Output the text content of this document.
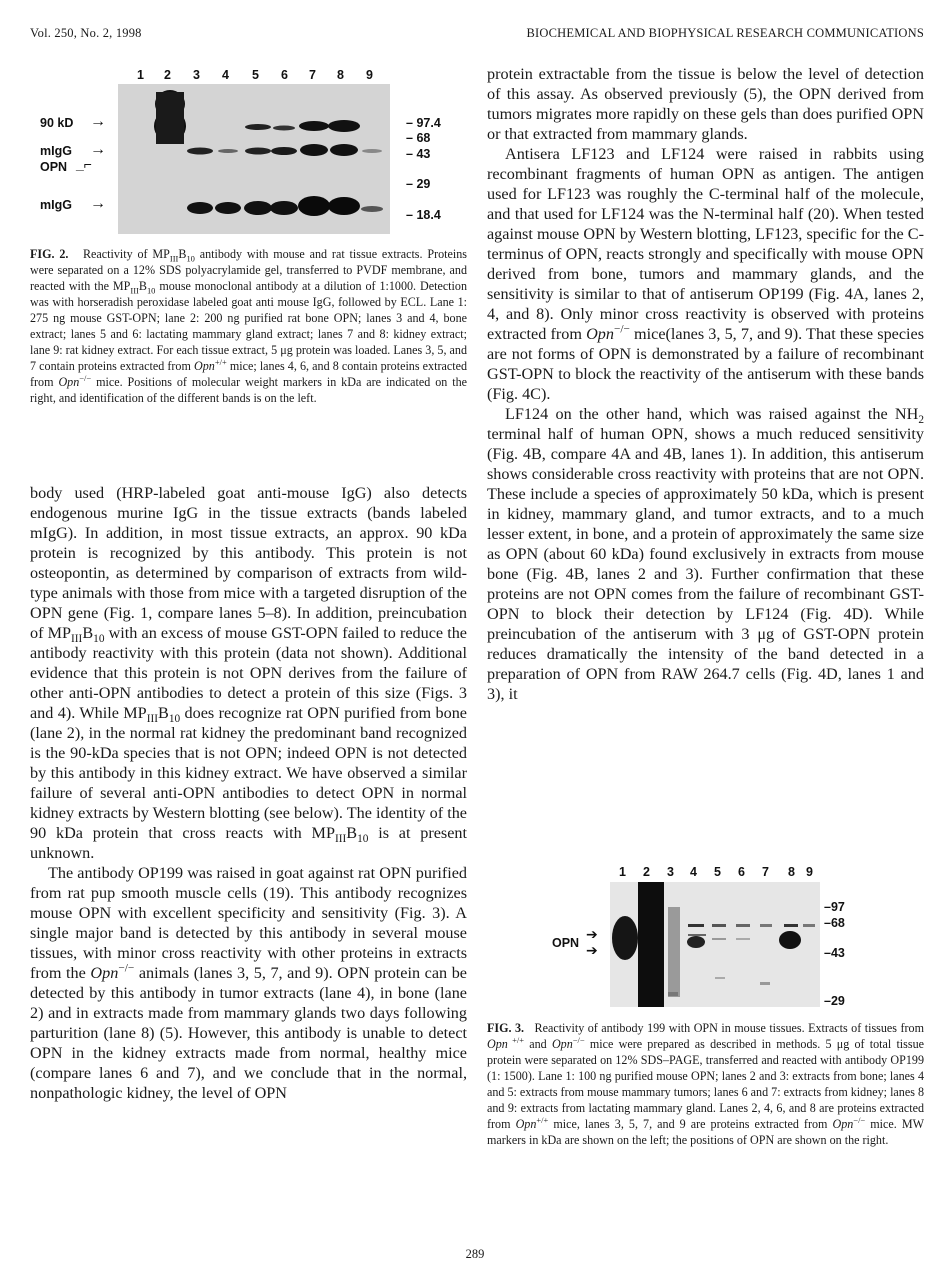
Vol. 250, No. 2, 1998	BIOCHEMICAL AND BIOPHYSICAL RESEARCH COMMUNICATIONS
1 2 3 4 5 6 7 8 9
90 kD →
mIgG →
OPN _⌐
mIgG →
– 97.4
– 68
– 43
– 29
– 18.4
FIG. 2. Reactivity of $MP_{III}B_{10}$ antibody with mouse and rat tissue extracts. Proteins were separated on a 12% SDS polyacrylamide gel, transferred to PVDF membrane, and reacted with the $MP_{III}B_{10}$ mouse monoclonal antibody at a dilution of 1:1000. Detection was with horseradish peroxidase labeled goat anti mouse IgG, followed by ECL. Lane 1: 275 ng mouse GST-OPN; lane 2: 200 ng purified rat bone OPN; lanes 3 and 4, bone extract; lanes 5 and 6: lactating mammary gland extract; lanes 7 and 8: kidney extract; lane 9: rat kidney extract. For each tissue extract, 5 μg protein was loaded. Lanes 3, 5, and 7 contain proteins extracted from Opn+/+ mice; lanes 4, 6, and 8 contain proteins extracted from Opn−/− mice. Positions of molecular weight markers in kDa are indicated on the right, and identification of the different bands is on the left.

body used (HRP-labeled goat anti-mouse IgG) also detects endogenous murine IgG in the tissue extracts (bands labeled mIgG). In addition, in most tissue extracts, an approx. 90 kDa protein is recognized by this antibody. This protein is not osteopontin, as determined by comparison of extracts from wild-type animals with those from mice with a targeted disruption of the OPN gene (Fig. 1, compare lanes 5–8). In addition, preincubation of $MP_{III}B_{10}$ with an excess of mouse GST-OPN failed to reduce the antibody reactivity with this protein (data not shown). Additional evidence that this protein is not OPN derives from the failure of other anti-OPN antibodies to detect a protein of this size (Figs. 3 and 4). While $MP_{III}B_{10}$ does recognize rat OPN purified from bone (lane 2), in the normal rat kidney the predominant band recognized is the 90-kDa species that is not OPN; indeed OPN is not detected by this antibody in this kidney extract. We have observed a similar failure of several anti-OPN antibodies to detect OPN in normal kidney extracts by Western blotting (see below). The identity of the 90 kDa protein that cross reacts with $MP_{III}B_{10}$ is at present unknown.

The antibody OP199 was raised in goat against rat OPN purified from rat pup smooth muscle cells (19). This antibody recognizes mouse OPN with excellent specificity and sensitivity (Fig. 3). A single major band is detected by this antibody in several mouse tissues, with minor cross reactivity with other proteins in extracts from the Opn−/− animals (lanes 3, 5, 7, and 9). OPN protein can be detected by this antibody in tumor extracts (lane 4), in bone (lane 2) and in extracts made from mammary glands two days following parturition (lane 8) (5). However, this antibody is unable to detect OPN in the kidney extracts made from normal, healthy mice (compare lanes 6 and 7), and we conclude that in the normal, nonpathologic kidney, the level of OPN

protein extractable from the tissue is below the level of detection of this assay. As observed previously (5), the OPN derived from tumors migrates more rapidly on these gels than does purified OPN or that extracted from mammary glands.

Antisera LF123 and LF124 were raised in rabbits using recombinant fragments of human OPN as antigen. The antigen used for LF123 was roughly the C-terminal half of the molecule, and that used for LF124 was the N-terminal half (20). When tested against mouse OPN by Western blotting, LF123, specific for the C-terminus of OPN, reacts strongly and specifically with mouse OPN derived from bone, tumors and mammary glands, and the sensitivity is similar to that of antiserum OP199 (Fig. 4A, lanes 2, 4, and 8). Only minor cross reactivity is observed with proteins extracted from Opn−/− mice(lanes 3, 5, 7, and 9). That these species are not forms of OPN is demonstrated by a failure of recombinant GST-OPN to block the reactivity of the antiserum with these bands (Fig. 4C).

LF124 on the other hand, which was raised against the $NH_2$ terminal half of human OPN, shows a much reduced sensitivity (Fig. 4B, compare 4A and 4B, lanes 1). In addition, this antiserum shows considerable cross reactivity with proteins that are not OPN. These include a species of approximately 50 kDa, which is present in kidney, mammary gland, and tumor extracts, and to a much lesser extent, in bone, and a protein of approximately the same size as OPN (about 60 kDa) found exclusively in extracts from mouse bone (Fig. 4B, lanes 2 and 3). Further confirmation that these proteins are not OPN comes from the failure of recombinant GST-OPN to block their detection by LF124 (Fig. 4D). While preincubation of the antiserum with 3 μg of GST-OPN protein reduces dramatically the intensity of the band detected in a preparation of OPN from RAW 264.7 cells (Fig. 4D, lanes 1 and 3), it

1 2 3 4 5 6 7 8 9
OPN
➔
➔
–97
–68
–43
–29
FIG. 3. Reactivity of antibody 199 with OPN in mouse tissues. Extracts of tissues from Opn +/+ and Opn−/− mice were prepared as described in methods. 5 μg of total tissue protein were separated on 12% SDS–PAGE, transferred and reacted with antibody OP199 (1: 1500). Lane 1: 100 ng purified mouse OPN; lanes 2 and 3: extracts from bone; lanes 4 and 5: extracts from mouse mammary tumors; lanes 6 and 7: extracts from kidney; lanes 8 and 9: extracts from lactating mammary gland. Lanes 2, 4, 6, and 8 are proteins extracted from Opn+/+ mice, lanes 3, 5, 7, and 9 are proteins extracted from Opn−/− mice. MW markers in kDa are shown on the left; the positions of OPN are shown on the right.
289
